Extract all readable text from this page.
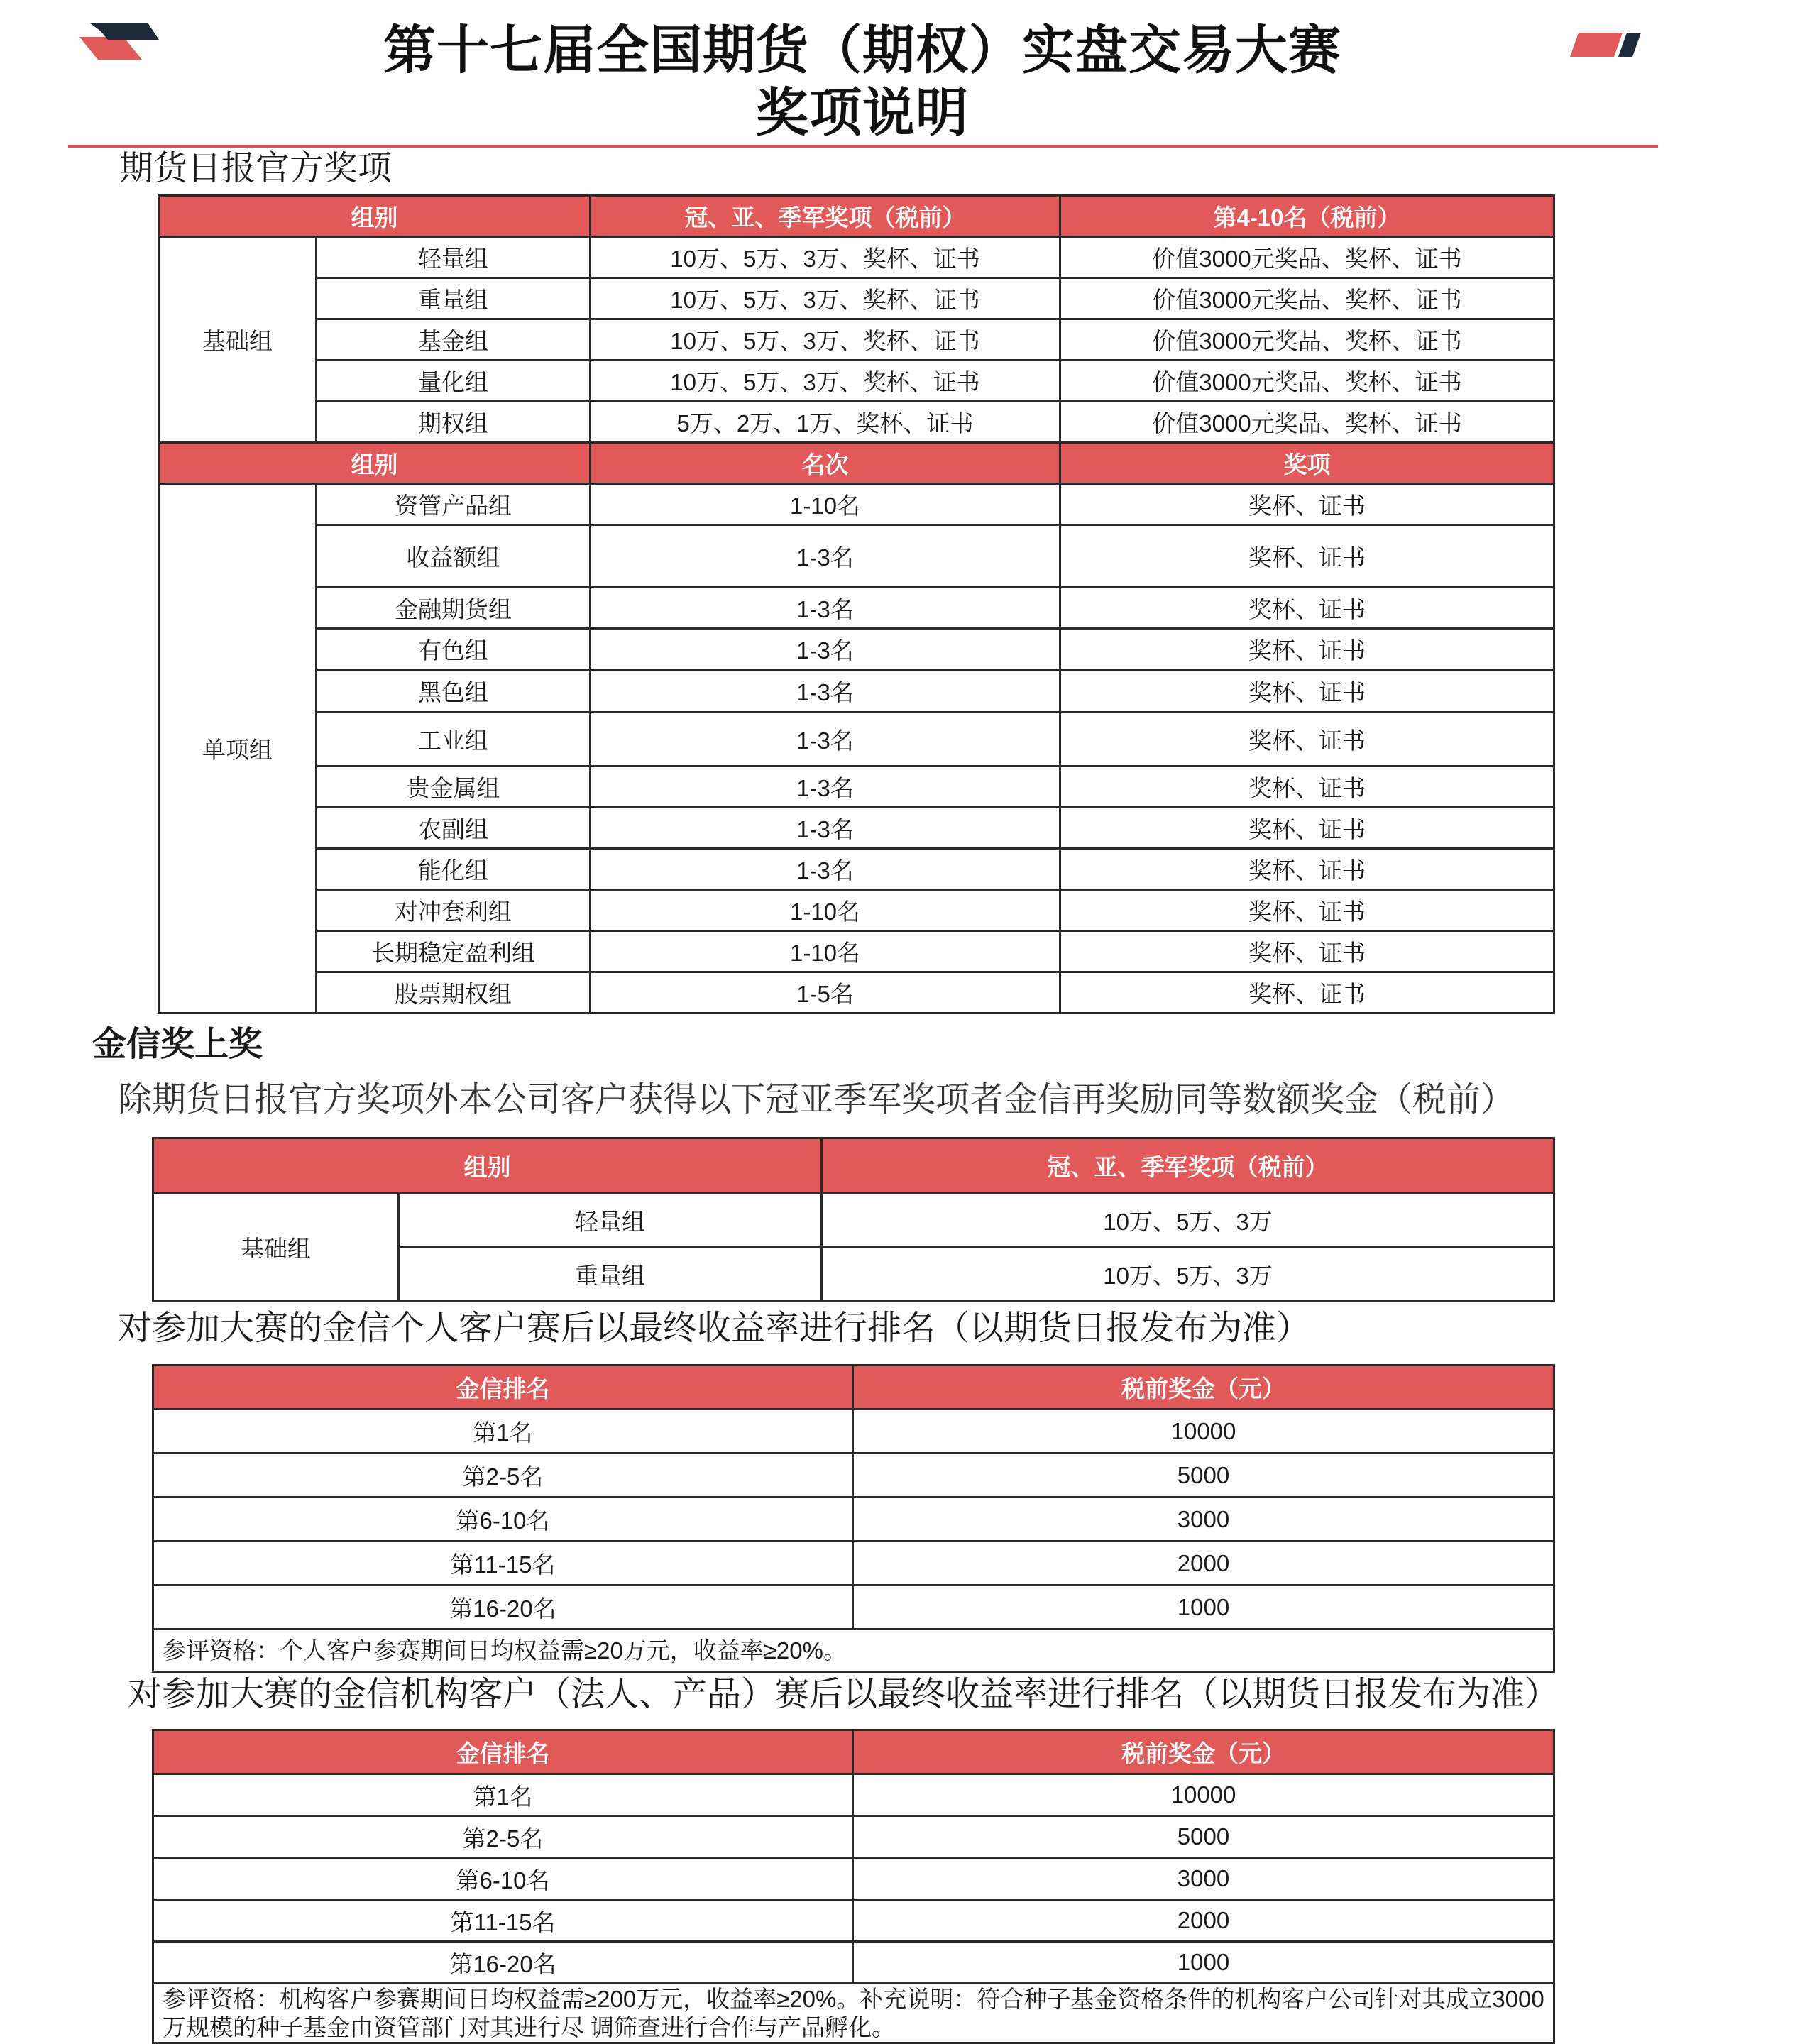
第十七届全国期货（期权）实盘交易大赛
奖项说明
期货日报官方奖项
组别		冠、亚、季军奖项（税前）	第4-10名（税前）
基础组	轻量组	10万、5万、3万、奖杯、证书	价值3000元奖品、奖杯、证书
	重量组	10万、5万、3万、奖杯、证书	价值3000元奖品、奖杯、证书
	基金组	10万、5万、3万、奖杯、证书	价值3000元奖品、奖杯、证书
	量化组	10万、5万、3万、奖杯、证书	价值3000元奖品、奖杯、证书
	期权组	5万、2万、1万、奖杯、证书	价值3000元奖品、奖杯、证书
组别		名次	奖项
单项组	资管产品组	1-10名	奖杯、证书
	收益额组	1-3名	奖杯、证书
	金融期货组	1-3名	奖杯、证书
	有色组	1-3名	奖杯、证书
	黑色组	1-3名	奖杯、证书
	工业组	1-3名	奖杯、证书
	贵金属组	1-3名	奖杯、证书
	农副组	1-3名	奖杯、证书
	能化组	1-3名	奖杯、证书
	对冲套利组	1-10名	奖杯、证书
	长期稳定盈利组	1-10名	奖杯、证书
	股票期权组	1-5名	奖杯、证书
金信奖上奖
除期货日报官方奖项外本公司客户获得以下冠亚季军奖项者金信再奖励同等数额奖金（税前）
组别		冠、亚、季军奖项（税前）
基础组	轻量组	10万、5万、3万
	重量组	10万、5万、3万
对参加大赛的金信个人客户赛后以最终收益率进行排名（以期货日报发布为准）
金信排名	税前奖金（元）
第1名	10000
第2-5名	5000
第6-10名	3000
第11-15名	2000
第16-20名	1000
参评资格：个人客户参赛期间日均权益需≥20万元，收益率≥20%。	
对参加大赛的金信机构客户（法人、产品）赛后以最终收益率进行排名（以期货日报发布为准）
金信排名	税前奖金（元）
第1名	10000
第2-5名	5000
第6-10名	3000
第11-15名	2000
第16-20名	1000
参评资格：机构客户参赛期间日均权益需≥200万元，收益率≥20%。补充说明：符合种子基金资格条件的机构客户公司针对其成立3000万规模的种子基金由资管部门对其进行尽 调筛查进行合作与产品孵化。	
